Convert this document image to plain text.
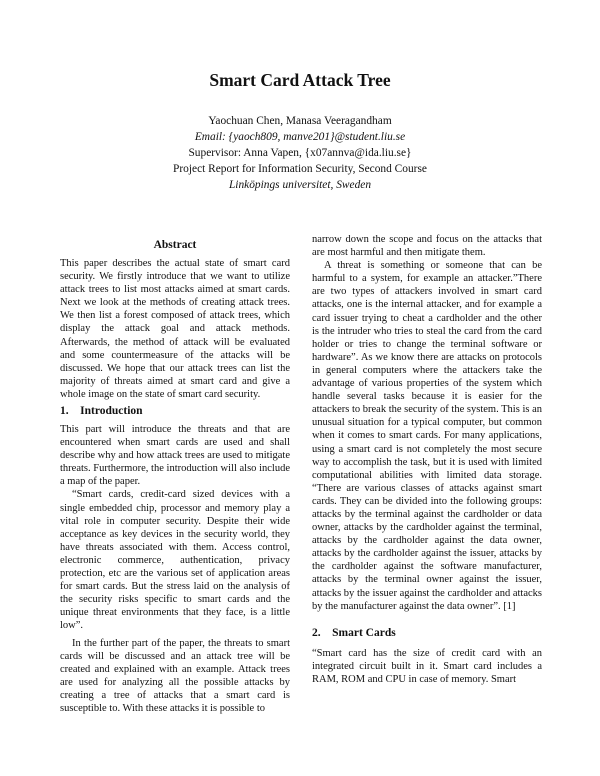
Smart Card Attack Tree
Yaochuan Chen, Manasa Veeragandham
Email: {yaoch809, manve201}@student.liu.se
Supervisor: Anna Vapen, {x07annva@ida.liu.se}
Project Report for Information Security, Second Course
Linköpings universitet, Sweden
Abstract

This paper describes the actual state of smart card security. We firstly introduce that we want to utilize attack trees to list most attacks aimed at smart cards. Next we look at the methods of creating attack trees. We then list a forest composed of attack trees, which display the attack goal and attack methods. Afterwards, the method of attack will be evaluated and some countermeasure of the attacks will be discussed. We hope that our attack trees can list the majority of threats aimed at smart card and give a whole image on the state of smart card security.

1. Introduction

This part will introduce the threats and that are encountered when smart cards are used and shall describe why and how attack trees are used to mitigate threats. Furthermore, the introduction will also include a map of the paper.

“Smart cards, credit-card sized devices with a single embedded chip, processor and memory play a vital role in computer security. Despite their wide acceptance as key devices in the security world, they have threats associated with them. Access control, electronic commerce, authentication, privacy protection, etc are the various set of application areas for smart cards. But the stress laid on the analysis of the security risks specific to smart cards and the unique threat environments that they face, is a little low”.

In the further part of the paper, the threats to smart cards will be discussed and an attack tree will be created and explained with an example. Attack trees are used for analyzing all the possible attacks by creating a tree of attacks that a smart card is susceptible to. With these attacks it is possible to

narrow down the scope and focus on the attacks that are most harmful and then mitigate them.

A threat is something or someone that can be harmful to a system, for example an attacker.”There are two types of attackers involved in smart card attacks, one is the internal attacker, and for example a card issuer trying to cheat a cardholder and the other is the intruder who tries to steal the card from the card holder or tries to change the terminal software or hardware”. As we know there are attacks on protocols in general computers where the attackers take the advantage of various properties of the system which handle several tasks because it is easier for the attackers to break the security of the system. This is an unusual situation for a typical computer, but common when it comes to smart cards. For many applications, using a smart card is not completely the most secure way to accomplish the task, but it is used with limited computational abilities with limited data storage. “There are various classes of attacks against smart cards. They can be divided into the following groups: attacks by the terminal against the cardholder or data owner, attacks by the cardholder against the terminal, attacks by the cardholder against the data owner, attacks by the cardholder against the issuer, attacks by the cardholder against the software manufacturer, attacks by the terminal owner against the issuer, attacks by the issuer against the cardholder and attacks by the manufacturer against the data owner”. [1]

2. Smart Cards

“Smart card has the size of credit card with an integrated circuit built in it. Smart card includes a RAM, ROM and CPU in case of memory. Smart
